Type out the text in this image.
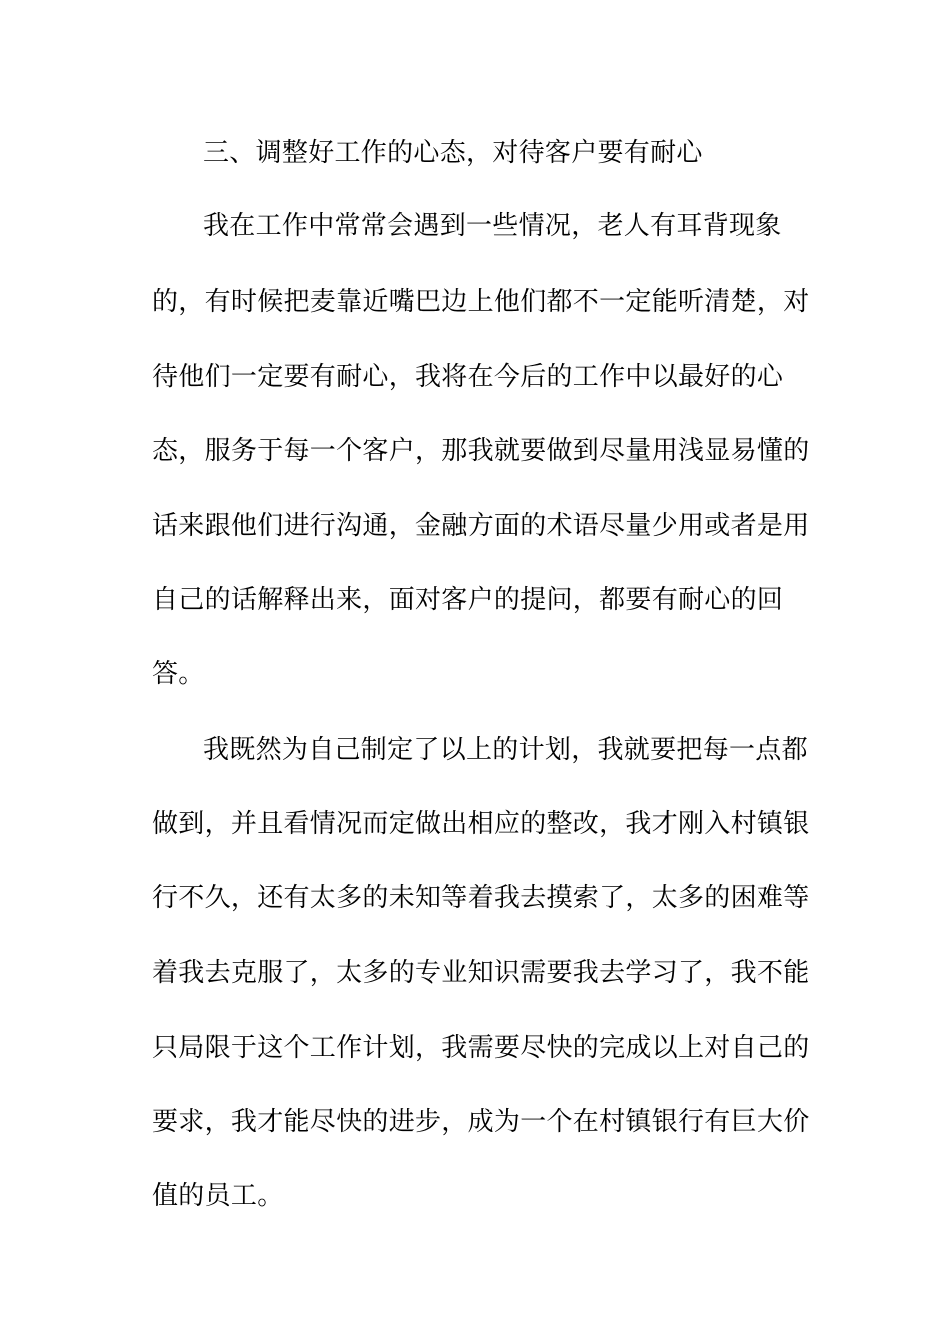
三、调整好工作的心态，对待客户要有耐心
我在工作中常常会遇到一些情况，老人有耳背现象
的，有时候把麦靠近嘴巴边上他们都不一定能听清楚，对
待他们一定要有耐心，我将在今后的工作中以最好的心
态，服务于每一个客户，那我就要做到尽量用浅显易懂的
话来跟他们进行沟通，金融方面的术语尽量少用或者是用
自己的话解释出来，面对客户的提问，都要有耐心的回
答。
我既然为自己制定了以上的计划，我就要把每一点都
做到，并且看情况而定做出相应的整改，我才刚入村镇银
行不久，还有太多的未知等着我去摸索了，太多的困难等
着我去克服了，太多的专业知识需要我去学习了，我不能
只局限于这个工作计划，我需要尽快的完成以上对自己的
要求，我才能尽快的进步，成为一个在村镇银行有巨大价
值的员工。
